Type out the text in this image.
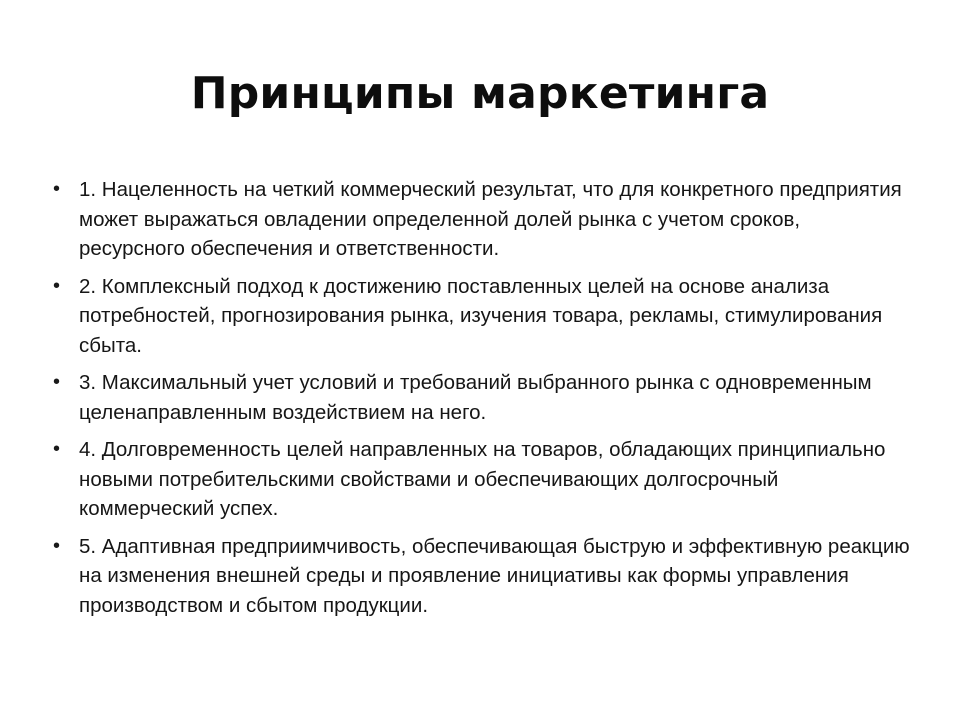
Принципы маркетинга
• 1. Нацеленность на четкий коммерческий результат, что для конкретного предприятия может выражаться овладении определенной долей рынка с учетом сроков, ресурсного обеспечения и ответственности.
• 2. Комплексный подход к достижению поставленных целей на основе анализа потребностей, прогнозирования рынка, изучения товара, рекламы, стимулирования сбыта.
• 3. Максимальный учет условий и требований выбранного рынка с одновременным целенаправленным воздействием на него.
• 4. Долговременность целей направленных на товаров, обладающих принципиально новыми потребительскими свойствами и обеспечивающих долгосрочный коммерческий успех.
• 5. Адаптивная предприимчивость, обеспечивающая быструю и эффективную реакцию на изменения внешней среды и проявление инициативы как формы управления производством и сбытом продукции.
